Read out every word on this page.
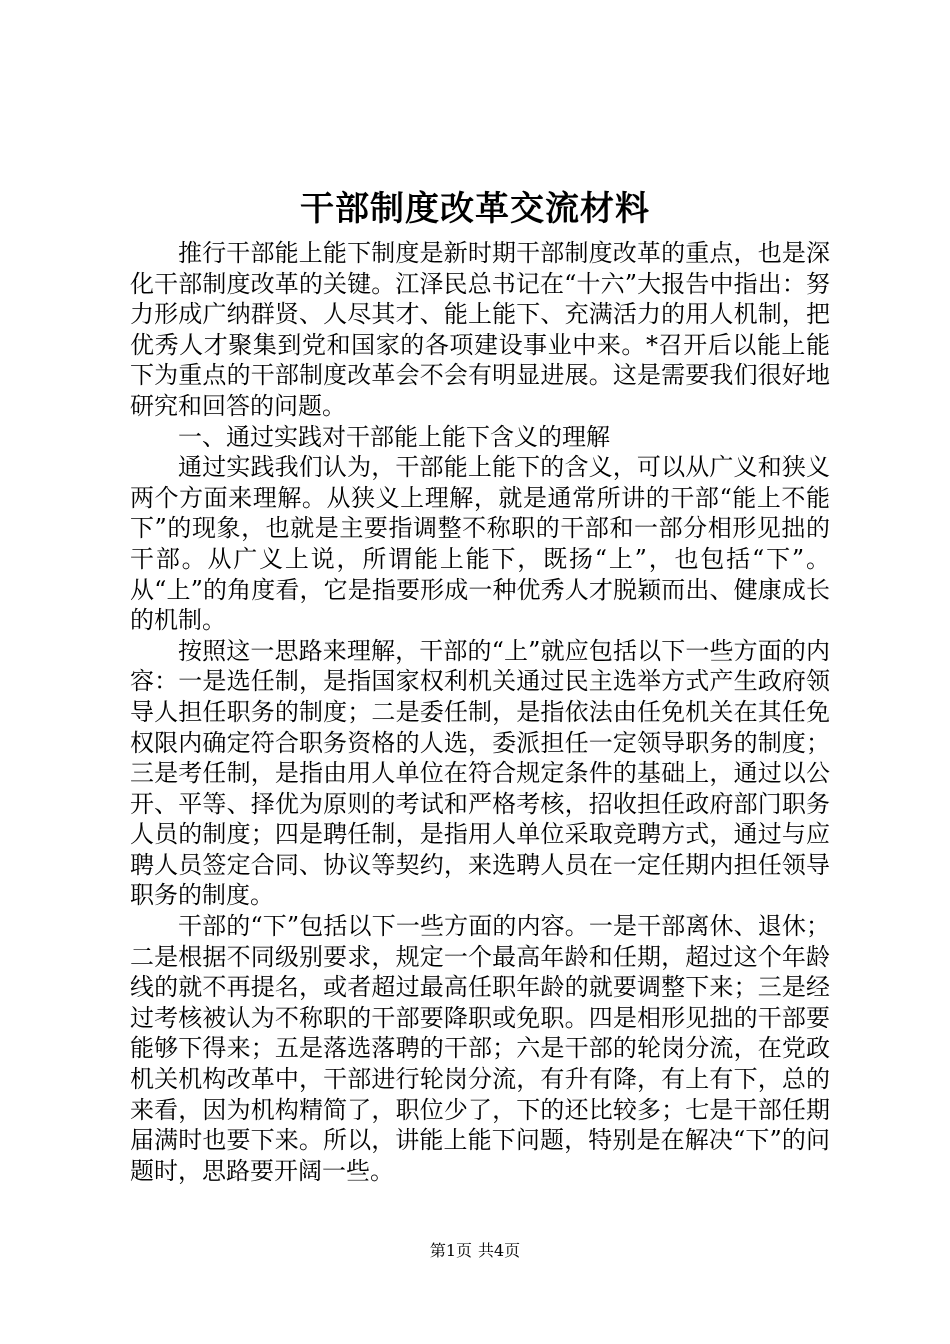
干部制度改革交流材料

推行干部能上能下制度是新时期干部制度改革的重点，也是深化干部制度改革的关键。江泽民总书记在“十六”大报告中指出：努力形成广纳群贤、人尽其才、能上能下、充满活力的用人机制，把优秀人才聚集到党和国家的各项建设事业中来。*召开后以能上能下为重点的干部制度改革会不会有明显进展。这是需要我们很好地研究和回答的问题。

一、通过实践对干部能上能下含义的理解

通过实践我们认为，干部能上能下的含义，可以从广义和狭义两个方面来理解。从狭义上理解，就是通常所讲的干部“能上不能下”的现象，也就是主要指调整不称职的干部和一部分相形见拙的干部。从广义上说，所谓能上能下，既扬“上”，也包括“下”。从“上”的角度看，它是指要形成一种优秀人才脱颖而出、健康成长的机制。

按照这一思路来理解，干部的“上”就应包括以下一些方面的内容：一是选任制，是指国家权利机关通过民主选举方式产生政府领导人担任职务的制度；二是委任制，是指依法由任免机关在其任免权限内确定符合职务资格的人选，委派担任一定领导职务的制度；三是考任制，是指由用人单位在符合规定条件的基础上，通过以公开、平等、择优为原则的考试和严格考核，招收担任政府部门职务人员的制度；四是聘任制，是指用人单位采取竞聘方式，通过与应聘人员签定合同、协议等契约，来选聘人员在一定任期内担任领导职务的制度。

干部的“下”包括以下一些方面的内容。一是干部离休、退休；二是根据不同级别要求，规定一个最高年龄和任期，超过这个年龄线的就不再提名，或者超过最高任职年龄的就要调整下来；三是经过考核被认为不称职的干部要降职或免职。四是相形见拙的干部要能够下得来；五是落选落聘的干部；六是干部的轮岗分流，在党政机关机构改革中，干部进行轮岗分流，有升有降，有上有下，总的来看，因为机构精简了，职位少了，下的还比较多；七是干部任期届满时也要下来。所以，讲能上能下问题，特别是在解决“下”的问题时，思路要开阔一些。

第1页 共4页
